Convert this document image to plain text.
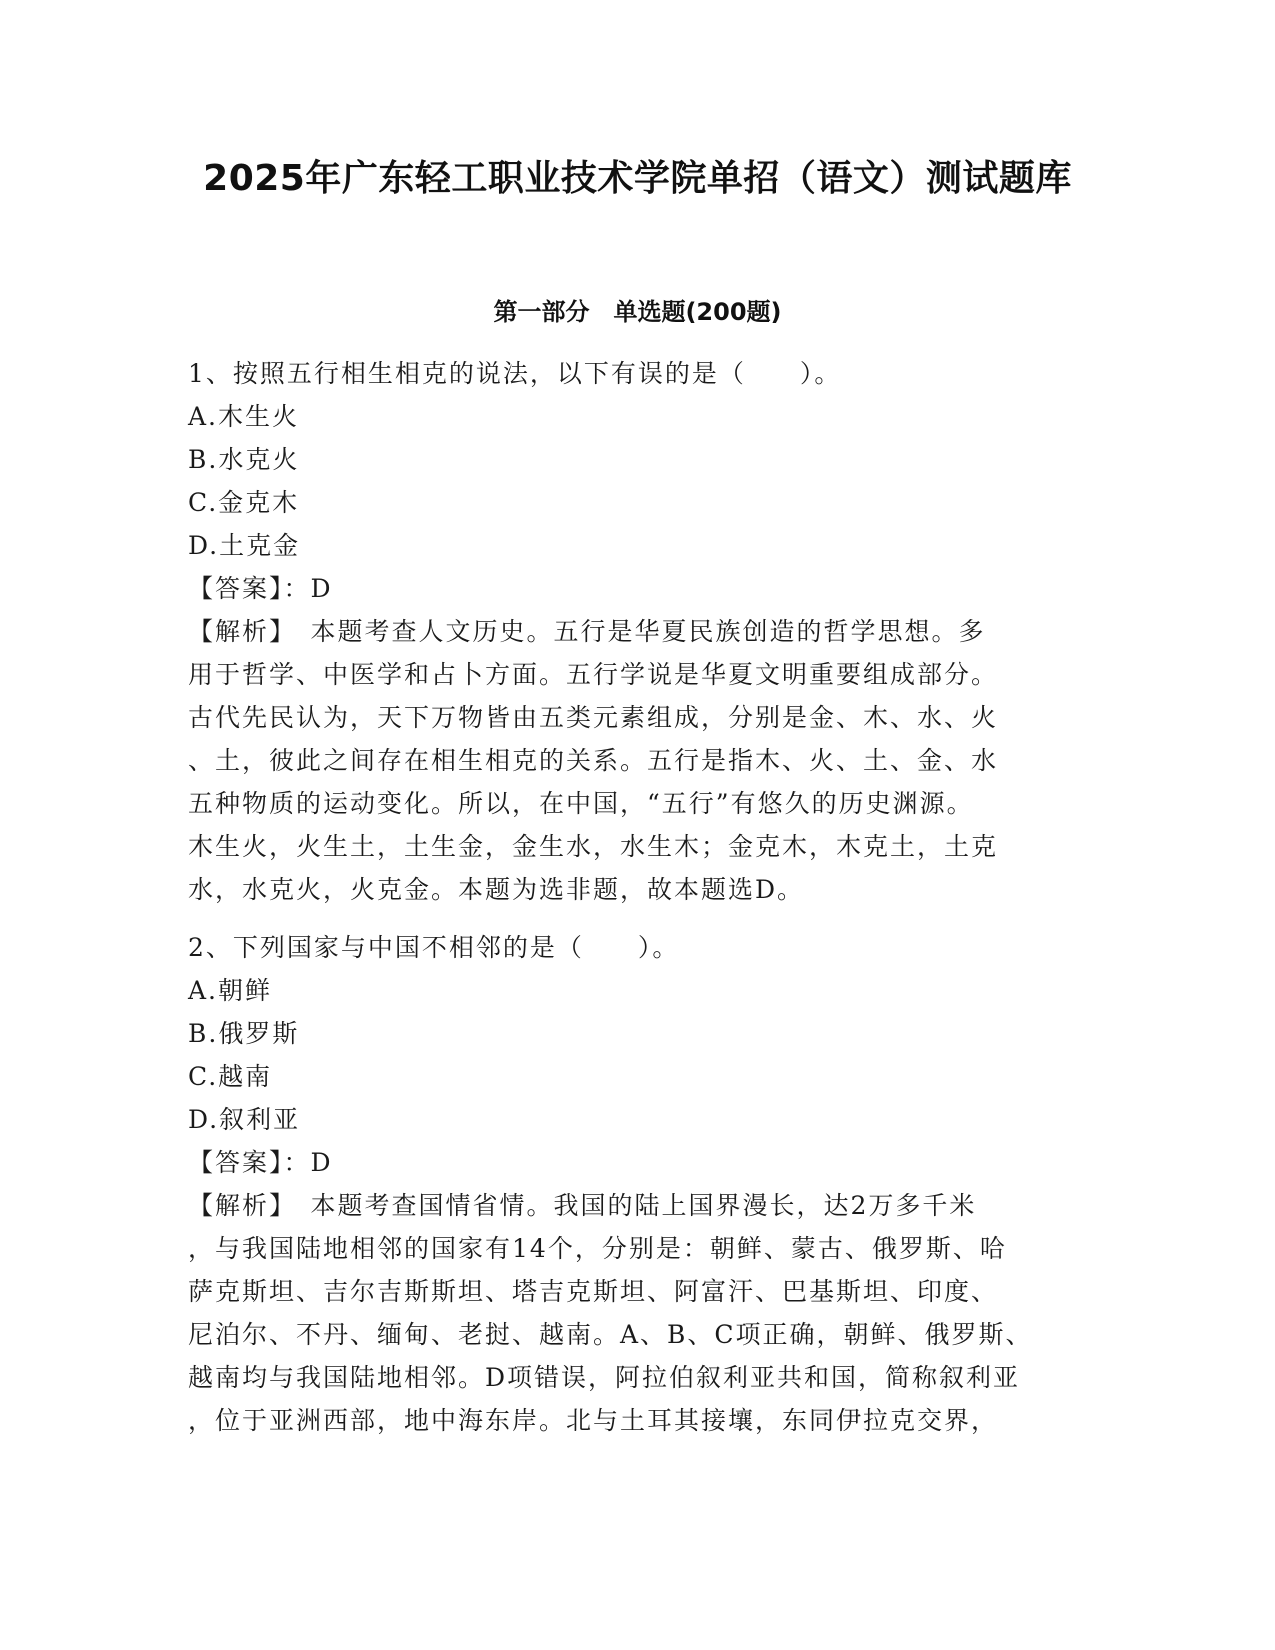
2025年广东轻工职业技术学院单招（语文）测试题库
第一部分　单选题(200题)
1、按照五行相生相克的说法，以下有误的是（　　）。
A.木生火
B.水克火
C.金克木
D.土克金
【答案】：D
【解析】　本题考查人文历史。五行是华夏民族创造的哲学思想。多
用于哲学、中医学和占卜方面。五行学说是华夏文明重要组成部分。
古代先民认为，天下万物皆由五类元素组成，分别是金、木、水、火
、土，彼此之间存在相生相克的关系。五行是指木、火、土、金、水
五种物质的运动变化。所以，在中国，“五行”有悠久的历史渊源。
木生火，火生土，土生金，金生水，水生木；金克木，木克土，土克
水，水克火，火克金。本题为选非题，故本题选D。
2、下列国家与中国不相邻的是（　　）。
A.朝鲜
B.俄罗斯
C.越南
D.叙利亚
【答案】：D
【解析】　本题考查国情省情。我国的陆上国界漫长，达2万多千米
，与我国陆地相邻的国家有14个，分别是：朝鲜、蒙古、俄罗斯、哈
萨克斯坦、吉尔吉斯斯坦、塔吉克斯坦、阿富汗、巴基斯坦、印度、
尼泊尔、不丹、缅甸、老挝、越南。A、B、C项正确，朝鲜、俄罗斯、
越南均与我国陆地相邻。D项错误，阿拉伯叙利亚共和国，简称叙利亚
，位于亚洲西部，地中海东岸。北与土耳其接壤，东同伊拉克交界，
